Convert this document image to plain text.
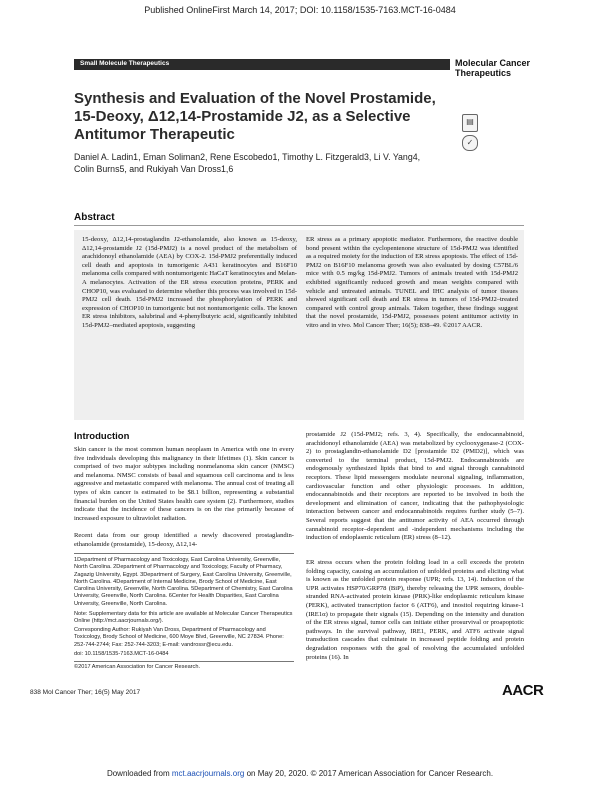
Published OnlineFirst March 14, 2017; DOI: 10.1158/1535-7163.MCT-16-0484
Small Molecule Therapeutics	Molecular Cancer Therapeutics
Synthesis and Evaluation of the Novel Prostamide, 15-Deoxy, Δ12,14-Prostamide J2, as a Selective Antitumor Therapeutic
Daniel A. Ladin1, Eman Soliman2, Rene Escobedo1, Timothy L. Fitzgerald3, Li V. Yang4, Colin Burns5, and Rukiyah Van Dross1,6
▤
✓
Abstract
15-deoxy, Δ12,14-prostaglandin J2-ethanolamide, also known as 15-deoxy, Δ12,14-prostamide J2 (15d-PMJ2) is a novel product of the metabolism of arachidonoyl ethanolamide (AEA) by COX-2. 15d-PMJ2 preferentially induced cell death and apoptosis in tumorigenic A431 keratinocytes and B16F10 melanoma cells compared with nontumorigenic HaCaT keratinocytes and Melan-A melanocytes. Activation of the ER stress execution proteins, PERK and CHOP10, was evaluated to determine whether this process was involved in 15d-PMJ2 cell death. 15d-PMJ2 increased the phosphorylation of PERK and expression of CHOP10 in tumorigenic but not nontumorigenic cells. The known ER stress inhibitors, salubrinal and 4-phenylbutyric acid, significantly inhibited 15d-PMJ2–mediated apoptosis, suggesting
ER stress as a primary apoptotic mediator. Furthermore, the reactive double bond present within the cyclopentenone structure of 15d-PMJ2 was identified as a required moiety for the induction of ER stress apoptosis. The effect of 15d-PMJ2 on B16F10 melanoma growth was also evaluated by dosing C57BL/6 mice with 0.5 mg/kg 15d-PMJ2. Tumors of animals treated with 15d-PMJ2 exhibited significantly reduced growth and mean weights compared with vehicle and untreated animals. TUNEL and IHC analysis of tumor tissues showed significant cell death and ER stress in tumors of 15d-PMJ2–treated compared with control group animals. Taken together, these findings suggest that the novel prostamide, 15d-PMJ2, possesses potent antitumor activity in vitro and in vivo. Mol Cancer Ther; 16(5); 838–49. ©2017 AACR.
Introduction
Skin cancer is the most common human neoplasm in America with one in every five individuals developing this malignancy in their lifetimes (1). Skin cancer is comprised of two major subtypes including nonmelanoma skin cancer (NMSC) and melanoma. NMSC consists of basal and squamous cell carcinoma and is less aggressive and metastatic compared with melanoma. The annual cost of treating all types of skin cancer is estimated to be $8.1 billion, representing a substantial financial burden on the United States health care system (2). Furthermore, studies indicate that the incidence of these cancers is on the rise primarily because of increased exposure to ultraviolet radiation.
Recent data from our group identified a newly discovered prostaglandin-ethanolamide (prostamide), 15-deoxy, Δ12,14-
1Department of Pharmacology and Toxicology, East Carolina University, Greenville, North Carolina. 2Department of Pharmacology and Toxicology, Faculty of Pharmacy, Zagazig University, Egypt. 3Department of Surgery, East Carolina University, Greenville, North Carolina. 4Department of Internal Medicine, Brody School of Medicine, East Carolina University, Greenville, North Carolina. 5Department of Chemistry, East Carolina University, Greenville, North Carolina. 6Center for Health Disparities, East Carolina University, Greenville, North Carolina.
Note: Supplementary data for this article are available at Molecular Cancer Therapeutics Online (http://mct.aacrjournals.org/).
Corresponding Author: Rukiyah Van Dross, Department of Pharmacology and Toxicology, Brody School of Medicine, 600 Moye Blvd, Greenville, NC 27834. Phone: 252-744-2744; Fax: 252-744-3203; E-mail: vandrossr@ecu.edu.
doi: 10.1158/1535-7163.MCT-16-0484
©2017 American Association for Cancer Research.
prostamide J2 (15d-PMJ2; refs. 3, 4). Specifically, the endocannabinoid, arachidonoyl ethanolamide (AEA) was metabolized by cyclooxygenase-2 (COX-2) to prostaglandin-ethanolamide D2 [prostamide D2 (PMD2)], which was converted to the terminal product, 15d-PMJ2. Endocannabinoids are endogenously synthesized lipids that bind to and signal through cannabinoid receptors. These lipid messengers modulate neuronal signaling, inflammation, cardiovascular function and other physiologic processes. In addition, endocannabinoids and their receptors are reported to be involved in both the development and elimination of cancer, indicating that the pathophysiologic interaction between cancer and endocannabinoids requires further study (5–7). Several reports suggest that the antitumor activity of AEA occurred through cannabinoid receptor–dependent and -independent mechanisms including the induction of endoplasmic reticulum (ER) stress (8–12).
ER stress occurs when the protein folding load in a cell exceeds the protein folding capacity, causing an accumulation of unfolded proteins and eliciting what is known as the unfolded protein response (UPR; refs. 13, 14). Induction of the UPR activates HSP70/GRP78 (BiP), thereby releasing the UPR sensors, double-stranded RNA-activated protein kinase (PRK)-like endoplasmic reticulum kinase (PERK), activated transcription factor 6 (ATF6), and inositol requiring kinase-1 (IRE1α) to propagate their signals (15). Depending on the intensity and duration of the ER stress signal, tumor cells can initiate either prosurvival or proapoptotic pathways. In the survival pathway, IRE1, PERK, and ATF6 activate signal transduction cascades that culminate in increased peptide folding and protein degradation responses with the goal of resolving the accumulated unfolded proteins (16). In
838 Mol Cancer Ther; 16(5) May 2017	AACR
Downloaded from mct.aacrjournals.org on May 20, 2020. © 2017 American Association for Cancer Research.
